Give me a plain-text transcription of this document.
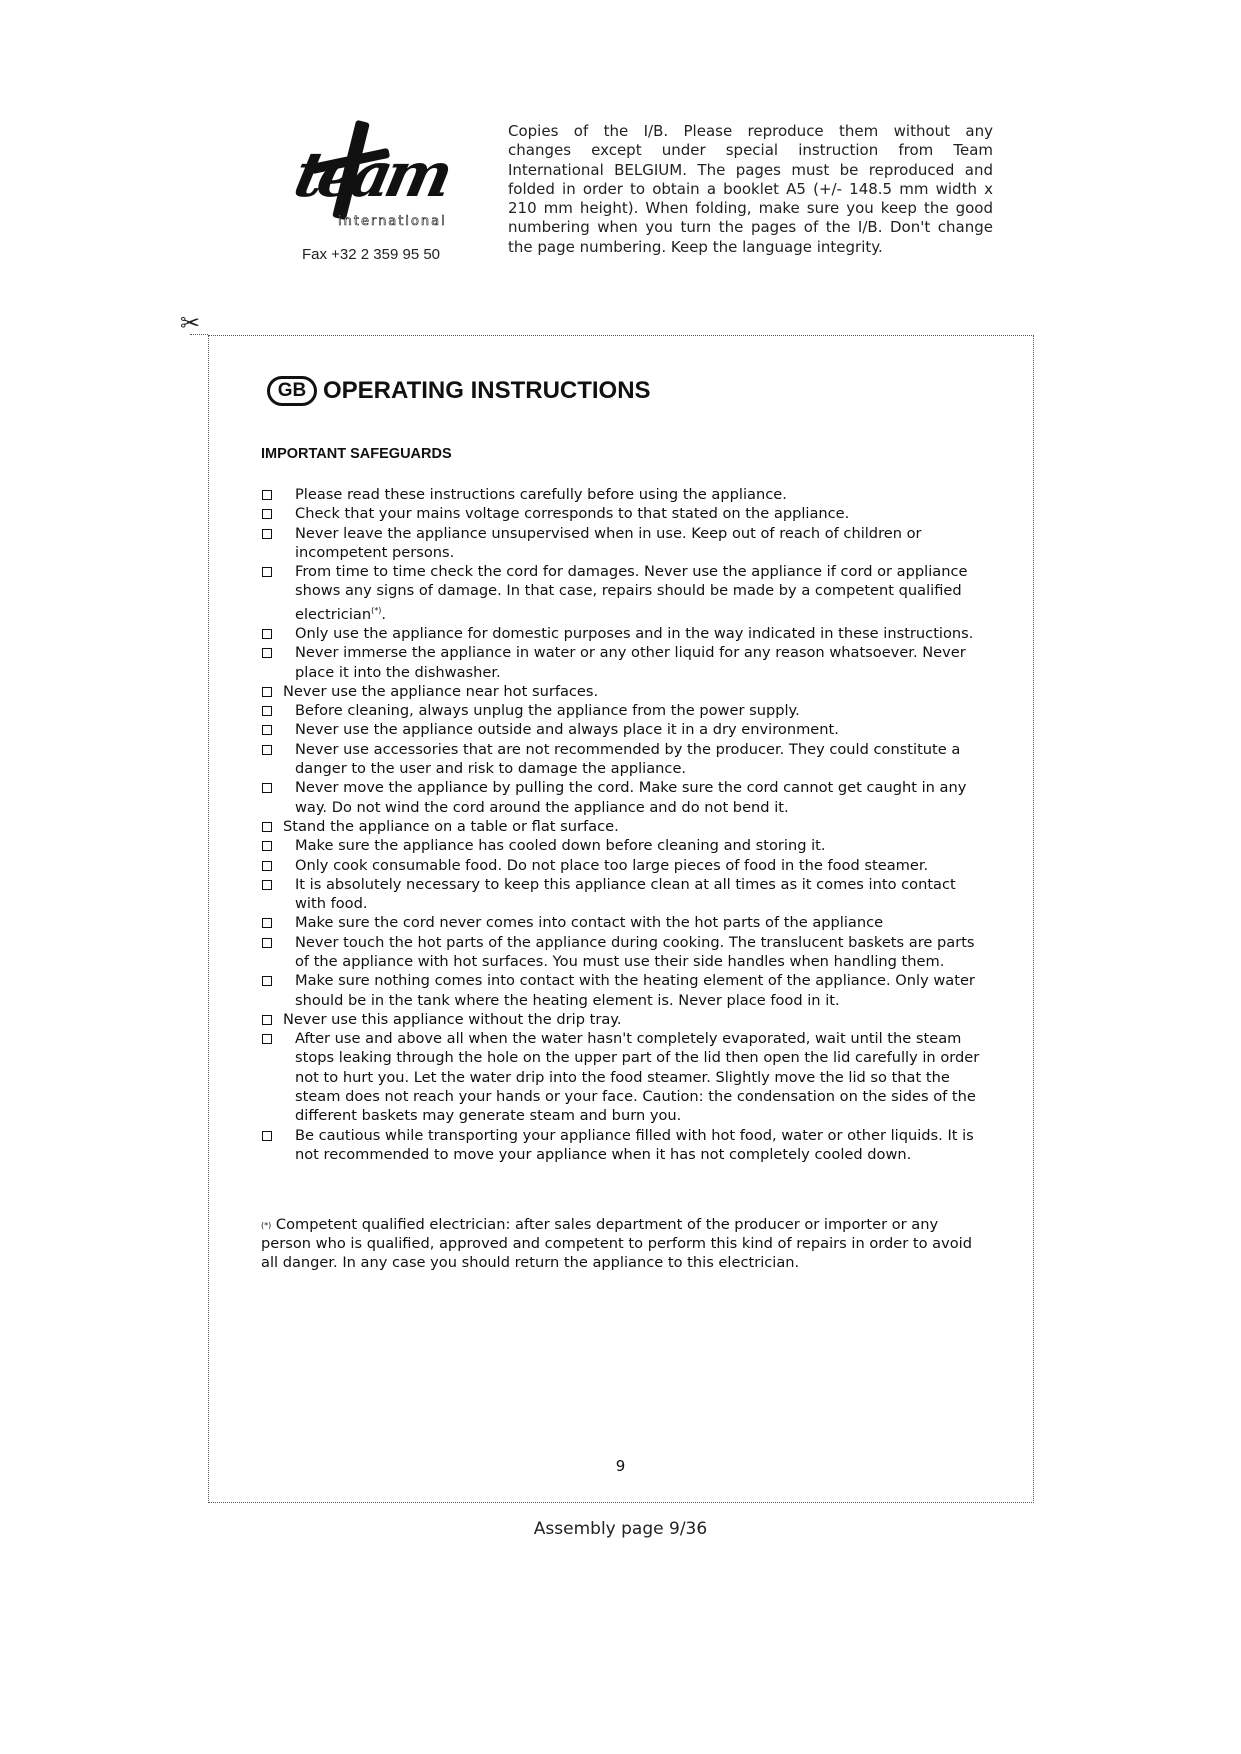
team
international
Fax +32 2 359 95 50
Copies of the I/B. Please reproduce them without any
changes except under special instruction from Team
International BELGIUM. The pages must be reproduced and
folded in order to obtain a booklet A5 (+/- 148.5 mm width x
210 mm height). When folding, make sure you keep the good
numbering when you turn the pages of the I/B. Don't change
the page numbering. Keep the language integrity.
✂
GB OPERATING INSTRUCTIONS
IMPORTANT SAFEGUARDS
Please read these instructions carefully before using the appliance.
Check that your mains voltage corresponds to that stated on the appliance.
Never leave the appliance unsupervised when in use. Keep out of reach of children or incompetent persons.
From time to time check the cord for damages. Never use the appliance if cord or appliance shows any signs of damage. In that case, repairs should be made by a competent qualified electrician(*).
Only use the appliance for domestic purposes and in the way indicated in these instructions.
Never immerse the appliance in water or any other liquid for any reason whatsoever. Never place it into the dishwasher.
Never use the appliance near hot surfaces.
Before cleaning, always unplug the appliance from the power supply.
Never use the appliance outside and always place it in a dry environment.
Never use accessories that are not recommended by the producer. They could constitute a danger to the user and risk to damage the appliance.
Never move the appliance by pulling the cord. Make sure the cord cannot get caught in any way. Do not wind the cord around the appliance and do not bend it.
Stand the appliance on a table or flat surface.
Make sure the appliance has cooled down before cleaning and storing it.
Only cook consumable food. Do not place too large pieces of food in the food steamer.
It is absolutely necessary to keep this appliance clean at all times as it comes into contact with food.
Make sure the cord never comes into contact with the hot parts of the appliance
Never touch the hot parts of the appliance during cooking. The translucent baskets are parts of the appliance with hot surfaces. You must use their side handles when handling them.
Make sure nothing comes into contact with the heating element of the appliance. Only water should be in the tank where the heating element is. Never place food in it.
Never use this appliance without the drip tray.
After use and above all when the water hasn't completely evaporated, wait until the steam stops leaking through the hole on the upper part of the lid then open the lid carefully in order not to hurt you. Let the water drip into the food steamer. Slightly move the lid so that the steam does not reach your hands or your face. Caution: the condensation on the sides of the different baskets may generate steam and burn you.
Be cautious while transporting your appliance filled with hot food, water or other liquids. It is not recommended to move your appliance when it has not completely cooled down.
(*) Competent qualified electrician: after sales department of the producer or importer or any person who is qualified, approved and competent to perform this kind of repairs in order to avoid all danger. In any case you should return the appliance to this electrician.
9
Assembly page 9/36
